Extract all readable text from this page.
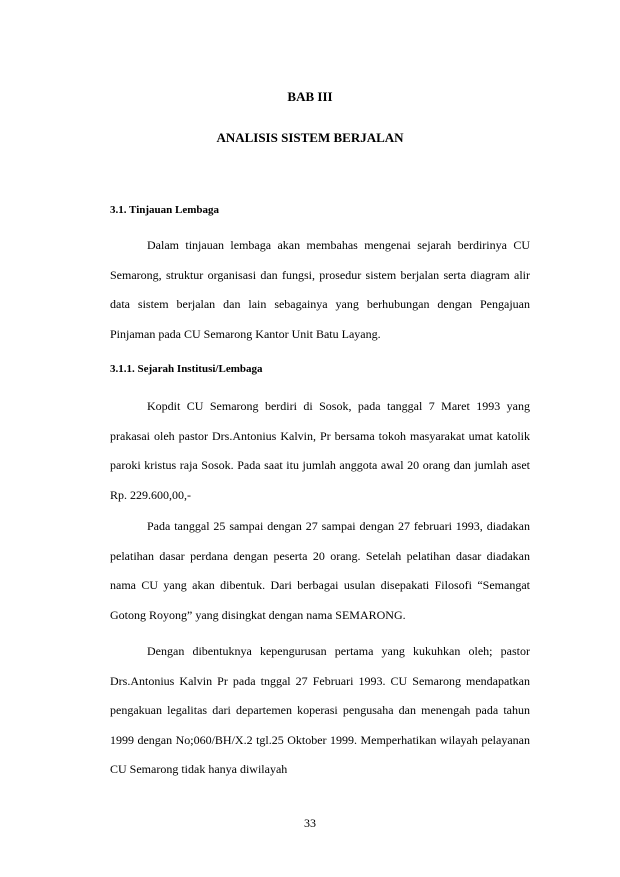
BAB III
ANALISIS SISTEM BERJALAN
3.1. Tinjauan Lembaga

Dalam tinjauan lembaga akan membahas mengenai sejarah berdirinya CU Semarong, struktur organisasi dan fungsi, prosedur sistem berjalan serta diagram alir data sistem berjalan dan lain sebagainya yang berhubungan dengan Pengajuan Pinjaman pada CU Semarong Kantor Unit Batu Layang.

3.1.1. Sejarah Institusi/Lembaga

Kopdit CU Semarong berdiri di Sosok, pada tanggal 7 Maret 1993 yang prakasai oleh pastor Drs.Antonius Kalvin, Pr bersama tokoh masyarakat umat katolik paroki kristus raja Sosok. Pada saat itu jumlah anggota awal 20 orang dan jumlah aset Rp. 229.600,00,-

Pada tanggal 25 sampai dengan 27 sampai dengan 27 februari 1993, diadakan pelatihan dasar perdana dengan peserta 20 orang. Setelah pelatihan dasar diadakan nama CU yang akan dibentuk. Dari berbagai usulan disepakati Filosofi “Semangat Gotong Royong” yang disingkat dengan nama SEMARONG.

Dengan dibentuknya kepengurusan pertama yang kukuhkan oleh; pastor Drs.Antonius Kalvin Pr pada tnggal 27 Februari 1993. CU Semarong mendapatkan pengakuan legalitas dari departemen koperasi pengusaha dan menengah pada tahun 1999 dengan No;060/BH/X.2 tgl.25 Oktober 1999. Memperhatikan wilayah pelayanan CU Semarong tidak hanya diwilayah

33
